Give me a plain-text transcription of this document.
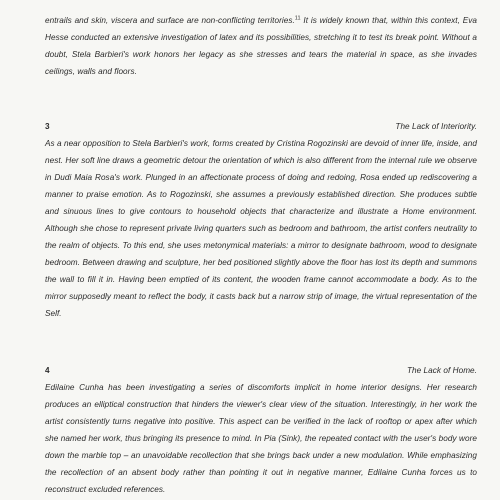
entrails and skin, viscera and surface are non-conflicting territories.$^{11}$ It is widely known that, within this context, Eva Hesse conducted an extensive investigation of latex and its possibilities, stretching it to test its break point. Without a doubt, Stela Barbieri's work honors her legacy as she stresses and tears the material in space, as she invades ceilings, walls and floors.

3	The Lack of Interiority.

As a near opposition to Stela Barbieri's work, forms created by Cristina Rogozinski are devoid of inner life, inside, and nest. Her soft line draws a geometric detour the orientation of which is also different from the internal rule we observe in Dudi Maia Rosa's work. Plunged in an affectionate process of doing and redoing, Rosa ended up rediscovering a manner to praise emotion. As to Rogozinski, she assumes a previously established direction. She produces subtle and sinuous lines to give contours to household objects that characterize and illustrate a Home environment. Although she chose to represent private living quarters such as bedroom and bathroom, the artist confers neutrality to the realm of objects. To this end, she uses metonymical materials: a mirror to designate bathroom, wood to designate bedroom. Between drawing and sculpture, her bed positioned slightly above the floor has lost its depth and summons the wall to fill it in. Having been emptied of its content, the wooden frame cannot accommodate a body. As to the mirror supposedly meant to reflect the body, it casts back but a narrow strip of image, the virtual representation of the Self.

4	The Lack of Home.

Edilaine Cunha has been investigating a series of discomforts implicit in home interior designs. Her research produces an elliptical construction that hinders the viewer's clear view of the situation. Interestingly, in her work the artist consistently turns negative into positive. This aspect can be verified in the lack of rooftop or apex after which she named her work, thus bringing its presence to mind. In Pia (Sink), the repeated contact with the user's body wore down the marble top – an unavoidable recollection that she brings back under a new modulation. While emphasizing the recollection of an absent body rather than pointing it out in negative manner, Edilaine Cunha forces us to reconstruct excluded references.
